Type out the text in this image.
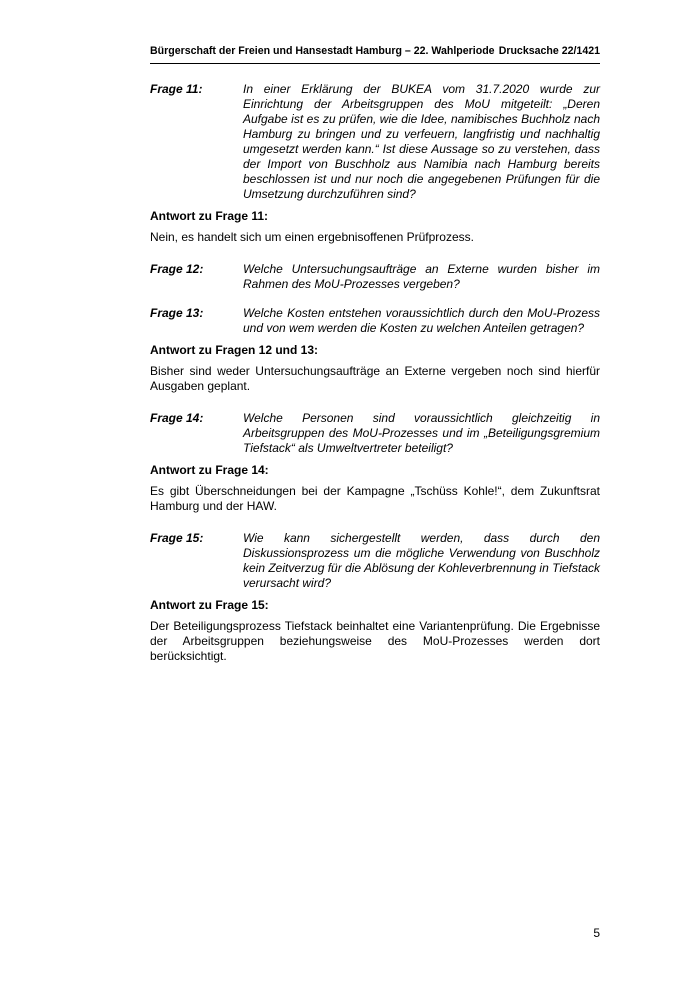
Bürgerschaft der Freien und Hansestadt Hamburg – 22. Wahlperiode Drucksache 22/1421
Frage 11:	In einer Erklärung der BUKEA vom 31.7.2020 wurde zur Einrichtung der Arbeitsgruppen des MoU mitgeteilt: „Deren Aufgabe ist es zu prüfen, wie die Idee, namibisches Buchholz nach Hamburg zu bringen und zu verfeuern, langfristig und nachhaltig umgesetzt werden kann.“ Ist diese Aussage so zu verstehen, dass der Import von Buschholz aus Namibia nach Hamburg bereits beschlossen ist und nur noch die angegebenen Prüfungen für die Umsetzung durchzuführen sind?
Antwort zu Frage 11:
Nein, es handelt sich um einen ergebnisoffenen Prüfprozess.
Frage 12:	Welche Untersuchungsaufträge an Externe wurden bisher im Rahmen des MoU-Prozesses vergeben?
Frage 13:	Welche Kosten entstehen voraussichtlich durch den MoU-Prozess und von wem werden die Kosten zu welchen Anteilen getragen?
Antwort zu Fragen 12 und 13:
Bisher sind weder Untersuchungsaufträge an Externe vergeben noch sind hierfür Ausgaben geplant.
Frage 14:	Welche Personen sind voraussichtlich gleichzeitig in Arbeitsgruppen des MoU-Prozesses und im „Beteiligungsgremium Tiefstack“ als Umweltvertreter beteiligt?
Antwort zu Frage 14:
Es gibt Überschneidungen bei der Kampagne „Tschüss Kohle!“, dem Zukunftsrat Hamburg und der HAW.
Frage 15:	Wie kann sichergestellt werden, dass durch den Diskussionsprozess um die mögliche Verwendung von Buschholz kein Zeitverzug für die Ablösung der Kohleverbrennung in Tiefstack verursacht wird?
Antwort zu Frage 15:
Der Beteiligungsprozess Tiefstack beinhaltet eine Variantenprüfung. Die Ergebnisse der Arbeitsgruppen beziehungsweise des MoU-Prozesses werden dort berücksichtigt.
5
